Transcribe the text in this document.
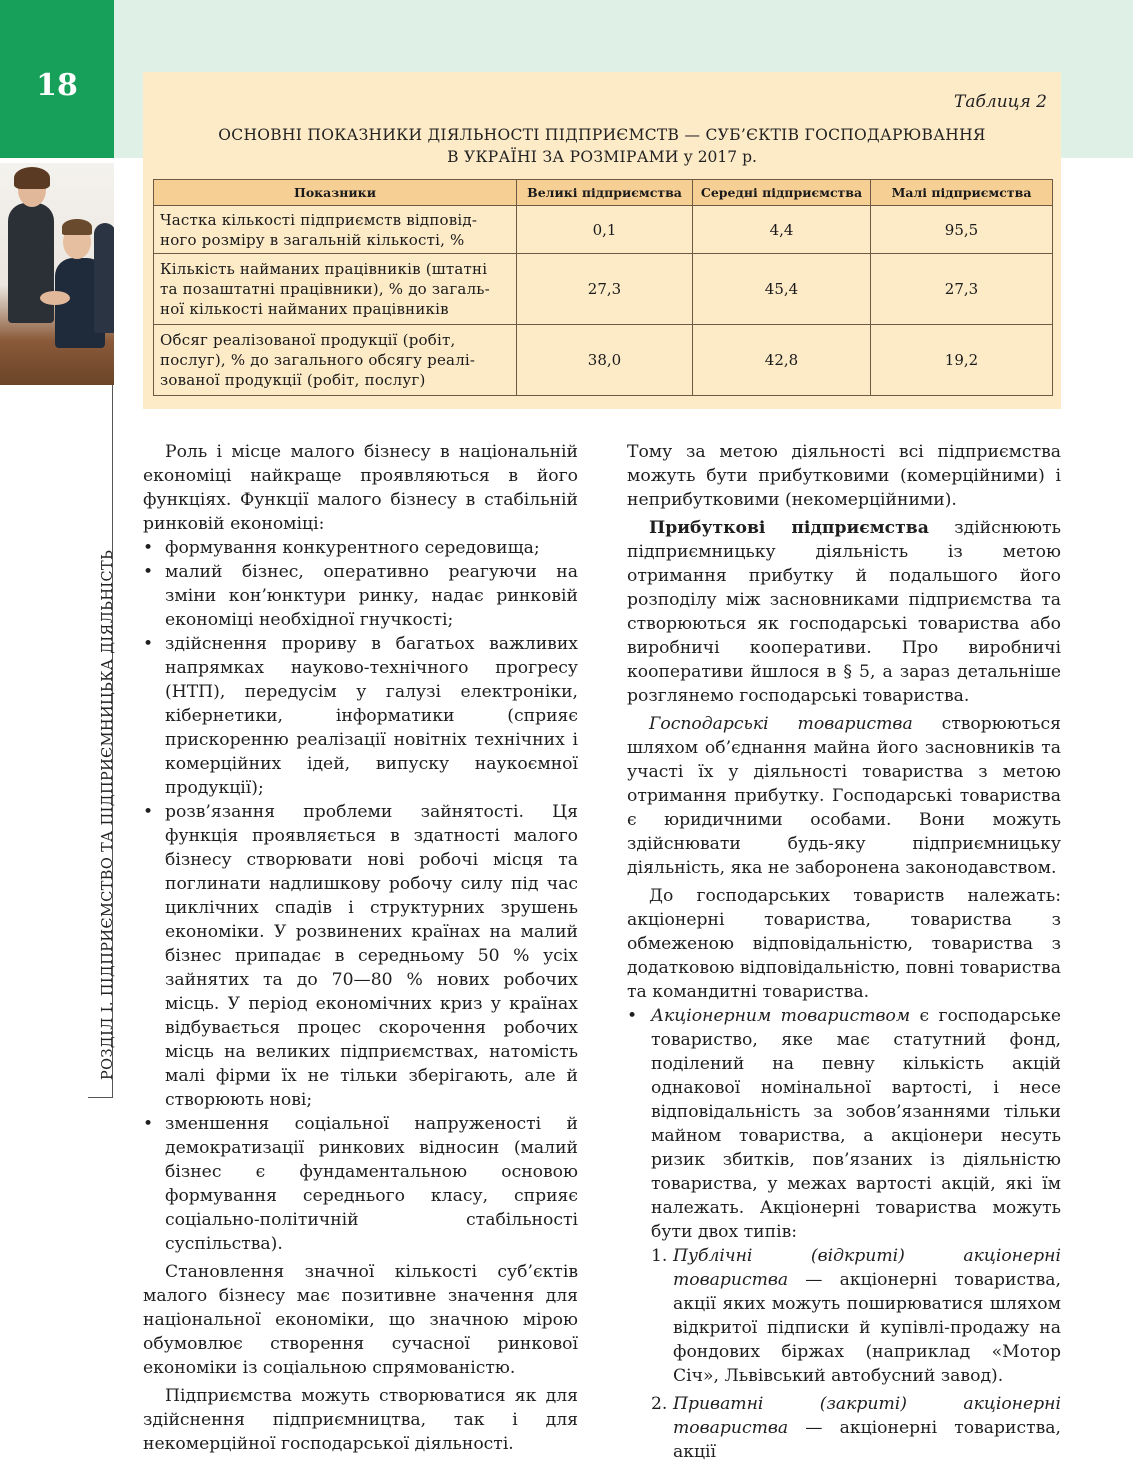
18
РОЗДІЛ І. ПІДПРИЄМСТВО ТА ПІДПРИЄМНИЦЬКА ДІЯЛЬНІСТЬ
Таблиця 2
ОСНОВНІ ПОКАЗНИКИ ДІЯЛЬНОСТІ ПІДПРИЄМСТВ — СУБ’ЄКТІВ ГОСПОДАРЮВАННЯ
В УКРАЇНІ ЗА РОЗМІРАМИ у 2017 р.
Показники	Великі підприємства	Середні підприємства	Малі підприємства

Частка кількості підприємств відповід-
ного розміру в загальній кількості, %	0,1	4,4	95,5

Кількість найманих працівників (штатні
та позаштатні працівники), % до загаль-
ної кількості найманих працівників	27,3	45,4	27,3

Обсяг реалізованої продукції (робіт,
послуг), % до загального обсягу реалі-
зованої продукції (робіт, послуг)	38,0	42,8	19,2

Роль і місце малого бізнесу в національній економіці найкраще проявляються в його функціях. Функції малого бізнесу в стабільній ринковій економіці:

• формування конкурентного середовища;

• малий бізнес, оперативно реагуючи на зміни кон’юнктури ринку, надає ринковій економіці необхідної гнучкості;

• здійснення прориву в багатьох важливих напрямках науково-технічного прогресу (НТП), передусім у галузі електроніки, кібернетики, інформатики (сприяє прискоренню реалізації новітніх технічних і комерційних ідей, випуску наукоємної продукції);

• розв’язання проблеми зайнятості. Ця функція проявляється в здатності малого бізнесу створювати нові робочі місця та поглинати надлишкову робочу силу під час циклічних спадів і структурних зрушень економіки. У розвинених країнах на малий бізнес припадає в середньому 50 % усіх зайнятих та до 70—80 % нових робочих місць. У період економічних криз у країнах відбувається процес скорочення робочих місць на великих підприємствах, натомість малі фірми їх не тільки зберігають, але й створюють нові;

• зменшення соціальної напруженості й демократизації ринкових відносин (малий бізнес є фундаментальною основою формування середнього класу, сприяє соціально-політичній стабільності суспільства).

Становлення значної кількості суб’єктів малого бізнесу має позитивне значення для національної економіки, що значною мірою обумовлює створення сучасної ринкової економіки із соціальною спрямованістю.

Підприємства можуть створюватися як для здійснення підприємництва, так і для некомерційної господарської діяльності.

Тому за метою діяльності всі підприємства можуть бути прибутковими (комерційними) і неприбутковими (некомерційними).

Прибуткові підприємства здійснюють підприємницьку діяльність із метою отримання прибутку й подальшого його розподілу між засновниками підприємства та створюються як господарські товариства або виробничі кооперативи. Про виробничі кооперативи йшлося в § 5, а зараз детальніше розглянемо господарські товариства.

Господарські товариства створюються шляхом об’єднання майна його засновників та участі їх у діяльності товариства з метою отримання прибутку. Господарські товариства є юридичними особами. Вони можуть здійснювати будь-яку підприємницьку діяльність, яка не заборонена законодавством.

До господарських товариств належать: акціонерні товариства, товариства з обмеженою відповідальністю, товариства з додатковою відповідальністю, повні товариства та командитні товариства.

• Акціонерним товариством є господарське товариство, яке має статутний фонд, поділений на певну кількість акцій однакової номінальної вартості, і несе відповідальність за зобов’язаннями тільки майном товариства, а акціонери несуть ризик збитків, пов’язаних із діяльністю товариства, у межах вартості акцій, які їм належать. Акціонерні товариства можуть бути двох типів:

1. Публічні (відкриті) акціонерні товариства — акціонерні товариства, акції яких можуть поширюватися шляхом відкритої підписки й купівлі-продажу на фондових біржах (наприклад «Мотор Січ», Львівський автобусний завод).

2. Приватні (закриті) акціонерні товариства — акціонерні товариства, акції
